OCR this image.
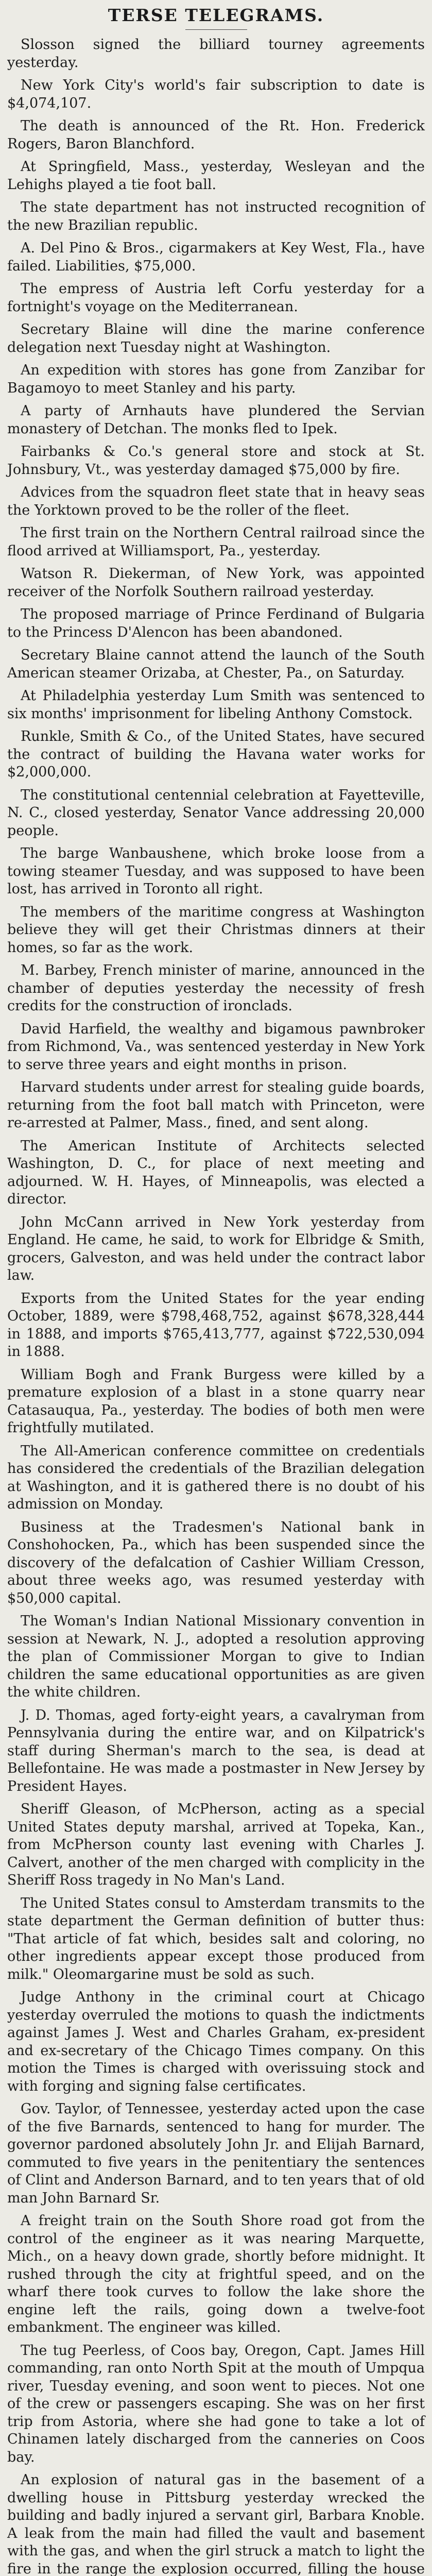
TERSE TELEGRAMS.

Slosson signed the billiard tourney agreements yesterday.

New York City's world's fair subscription to date is $4,074,107.

The death is announced of the Rt. Hon. Frederick Rogers, Baron Blanchford.

At Springfield, Mass., yesterday, Wesleyan and the Lehighs played a tie foot ball.

The state department has not instructed recognition of the new Brazilian republic.

A. Del Pino & Bros., cigarmakers at Key West, Fla., have failed. Liabilities, $75,000.

The empress of Austria left Corfu yesterday for a fortnight's voyage on the Mediterranean.

Secretary Blaine will dine the marine conference delegation next Tuesday night at Washington.

An expedition with stores has gone from Zanzibar for Bagamoyo to meet Stanley and his party.

A party of Arnhauts have plundered the Servian monastery of Detchan. The monks fled to Ipek.

Fairbanks & Co.'s general store and stock at St. Johnsbury, Vt., was yesterday damaged $75,000 by fire.

Advices from the squadron fleet state that in heavy seas the Yorktown proved to be the roller of the fleet.

The first train on the Northern Central railroad since the flood arrived at Williamsport, Pa., yesterday.

Watson R. Diekerman, of New York, was appointed receiver of the Norfolk Southern railroad yesterday.

The proposed marriage of Prince Ferdinand of Bulgaria to the Princess D'Alencon has been abandoned.

Secretary Blaine cannot attend the launch of the South American steamer Orizaba, at Chester, Pa., on Saturday.

At Philadelphia yesterday Lum Smith was sentenced to six months' imprisonment for libeling Anthony Comstock.

Runkle, Smith & Co., of the United States, have secured the contract of building the Havana water works for $2,000,000.

The constitutional centennial celebration at Fayetteville, N. C., closed yesterday, Senator Vance addressing 20,000 people.

The barge Wanbaushene, which broke loose from a towing steamer Tuesday, and was supposed to have been lost, has arrived in Toronto all right.

The members of the maritime congress at Washington believe they will get their Christmas dinners at their homes, so far as the work.

M. Barbey, French minister of marine, announced in the chamber of deputies yesterday the necessity of fresh credits for the construction of ironclads.

David Harfield, the wealthy and bigamous pawnbroker from Richmond, Va., was sentenced yesterday in New York to serve three years and eight months in prison.

Harvard students under arrest for stealing guide boards, returning from the foot ball match with Princeton, were re-arrested at Palmer, Mass., fined, and sent along.

The American Institute of Architects selected Washington, D. C., for place of next meeting and adjourned. W. H. Hayes, of Minneapolis, was elected a director.

John McCann arrived in New York yesterday from England. He came, he said, to work for Elbridge & Smith, grocers, Galveston, and was held under the contract labor law.

Exports from the United States for the year ending October, 1889, were $798,468,752, against $678,328,444 in 1888, and imports $765,413,777, against $722,530,094 in 1888.

William Bogh and Frank Burgess were killed by a premature explosion of a blast in a stone quarry near Catasauqua, Pa., yesterday. The bodies of both men were frightfully mutilated.

The All-American conference committee on credentials has considered the credentials of the Brazilian delegation at Washington, and it is gathered there is no doubt of his admission on Monday.

Business at the Tradesmen's National bank in Conshohocken, Pa., which has been suspended since the discovery of the defalcation of Cashier William Cresson, about three weeks ago, was resumed yesterday with $50,000 capital.

The Woman's Indian National Missionary convention in session at Newark, N. J., adopted a resolution approving the plan of Commissioner Morgan to give to Indian children the same educational opportunities as are given the white children.

J. D. Thomas, aged forty-eight years, a cavalryman from Pennsylvania during the entire war, and on Kilpatrick's staff during Sherman's march to the sea, is dead at Bellefontaine. He was made a postmaster in New Jersey by President Hayes.

Sheriff Gleason, of McPherson, acting as a special United States deputy marshal, arrived at Topeka, Kan., from McPherson county last evening with Charles J. Calvert, another of the men charged with complicity in the Sheriff Ross tragedy in No Man's Land.

The United States consul to Amsterdam transmits to the state department the German definition of butter thus: "That article of fat which, besides salt and coloring, no other ingredients appear except those produced from milk." Oleomargarine must be sold as such.

Judge Anthony in the criminal court at Chicago yesterday overruled the motions to quash the indictments against James J. West and Charles Graham, ex-president and ex-secretary of the Chicago Times company. On this motion the Times is charged with overissuing stock and with forging and signing false certificates.

Gov. Taylor, of Tennessee, yesterday acted upon the case of the five Barnards, sentenced to hang for murder. The governor pardoned absolutely John Jr. and Elijah Barnard, commuted to five years in the penitentiary the sentences of Clint and Anderson Barnard, and to ten years that of old man John Barnard Sr.

A freight train on the South Shore road got from the control of the engineer as it was nearing Marquette, Mich., on a heavy down grade, shortly before midnight. It rushed through the city at frightful speed, and on the wharf there took curves to follow the lake shore the engine left the rails, going down a twelve-foot embankment. The engineer was killed.

The tug Peerless, of Coos bay, Oregon, Capt. James Hill commanding, ran onto North Spit at the mouth of Umpqua river, Tuesday evening, and soon went to pieces. Not one of the crew or passengers escaping. She was on her first trip from Astoria, where she had gone to take a lot of Chinamen lately discharged from the canneries on Coos bay.

An explosion of natural gas in the basement of a dwelling house in Pittsburg yesterday wrecked the building and badly injured a servant girl, Barbara Knoble. A leak from the main had filled the vault and basement with the gas, and when the girl struck a match to light the fire in the range the explosion occurred, filling the house
